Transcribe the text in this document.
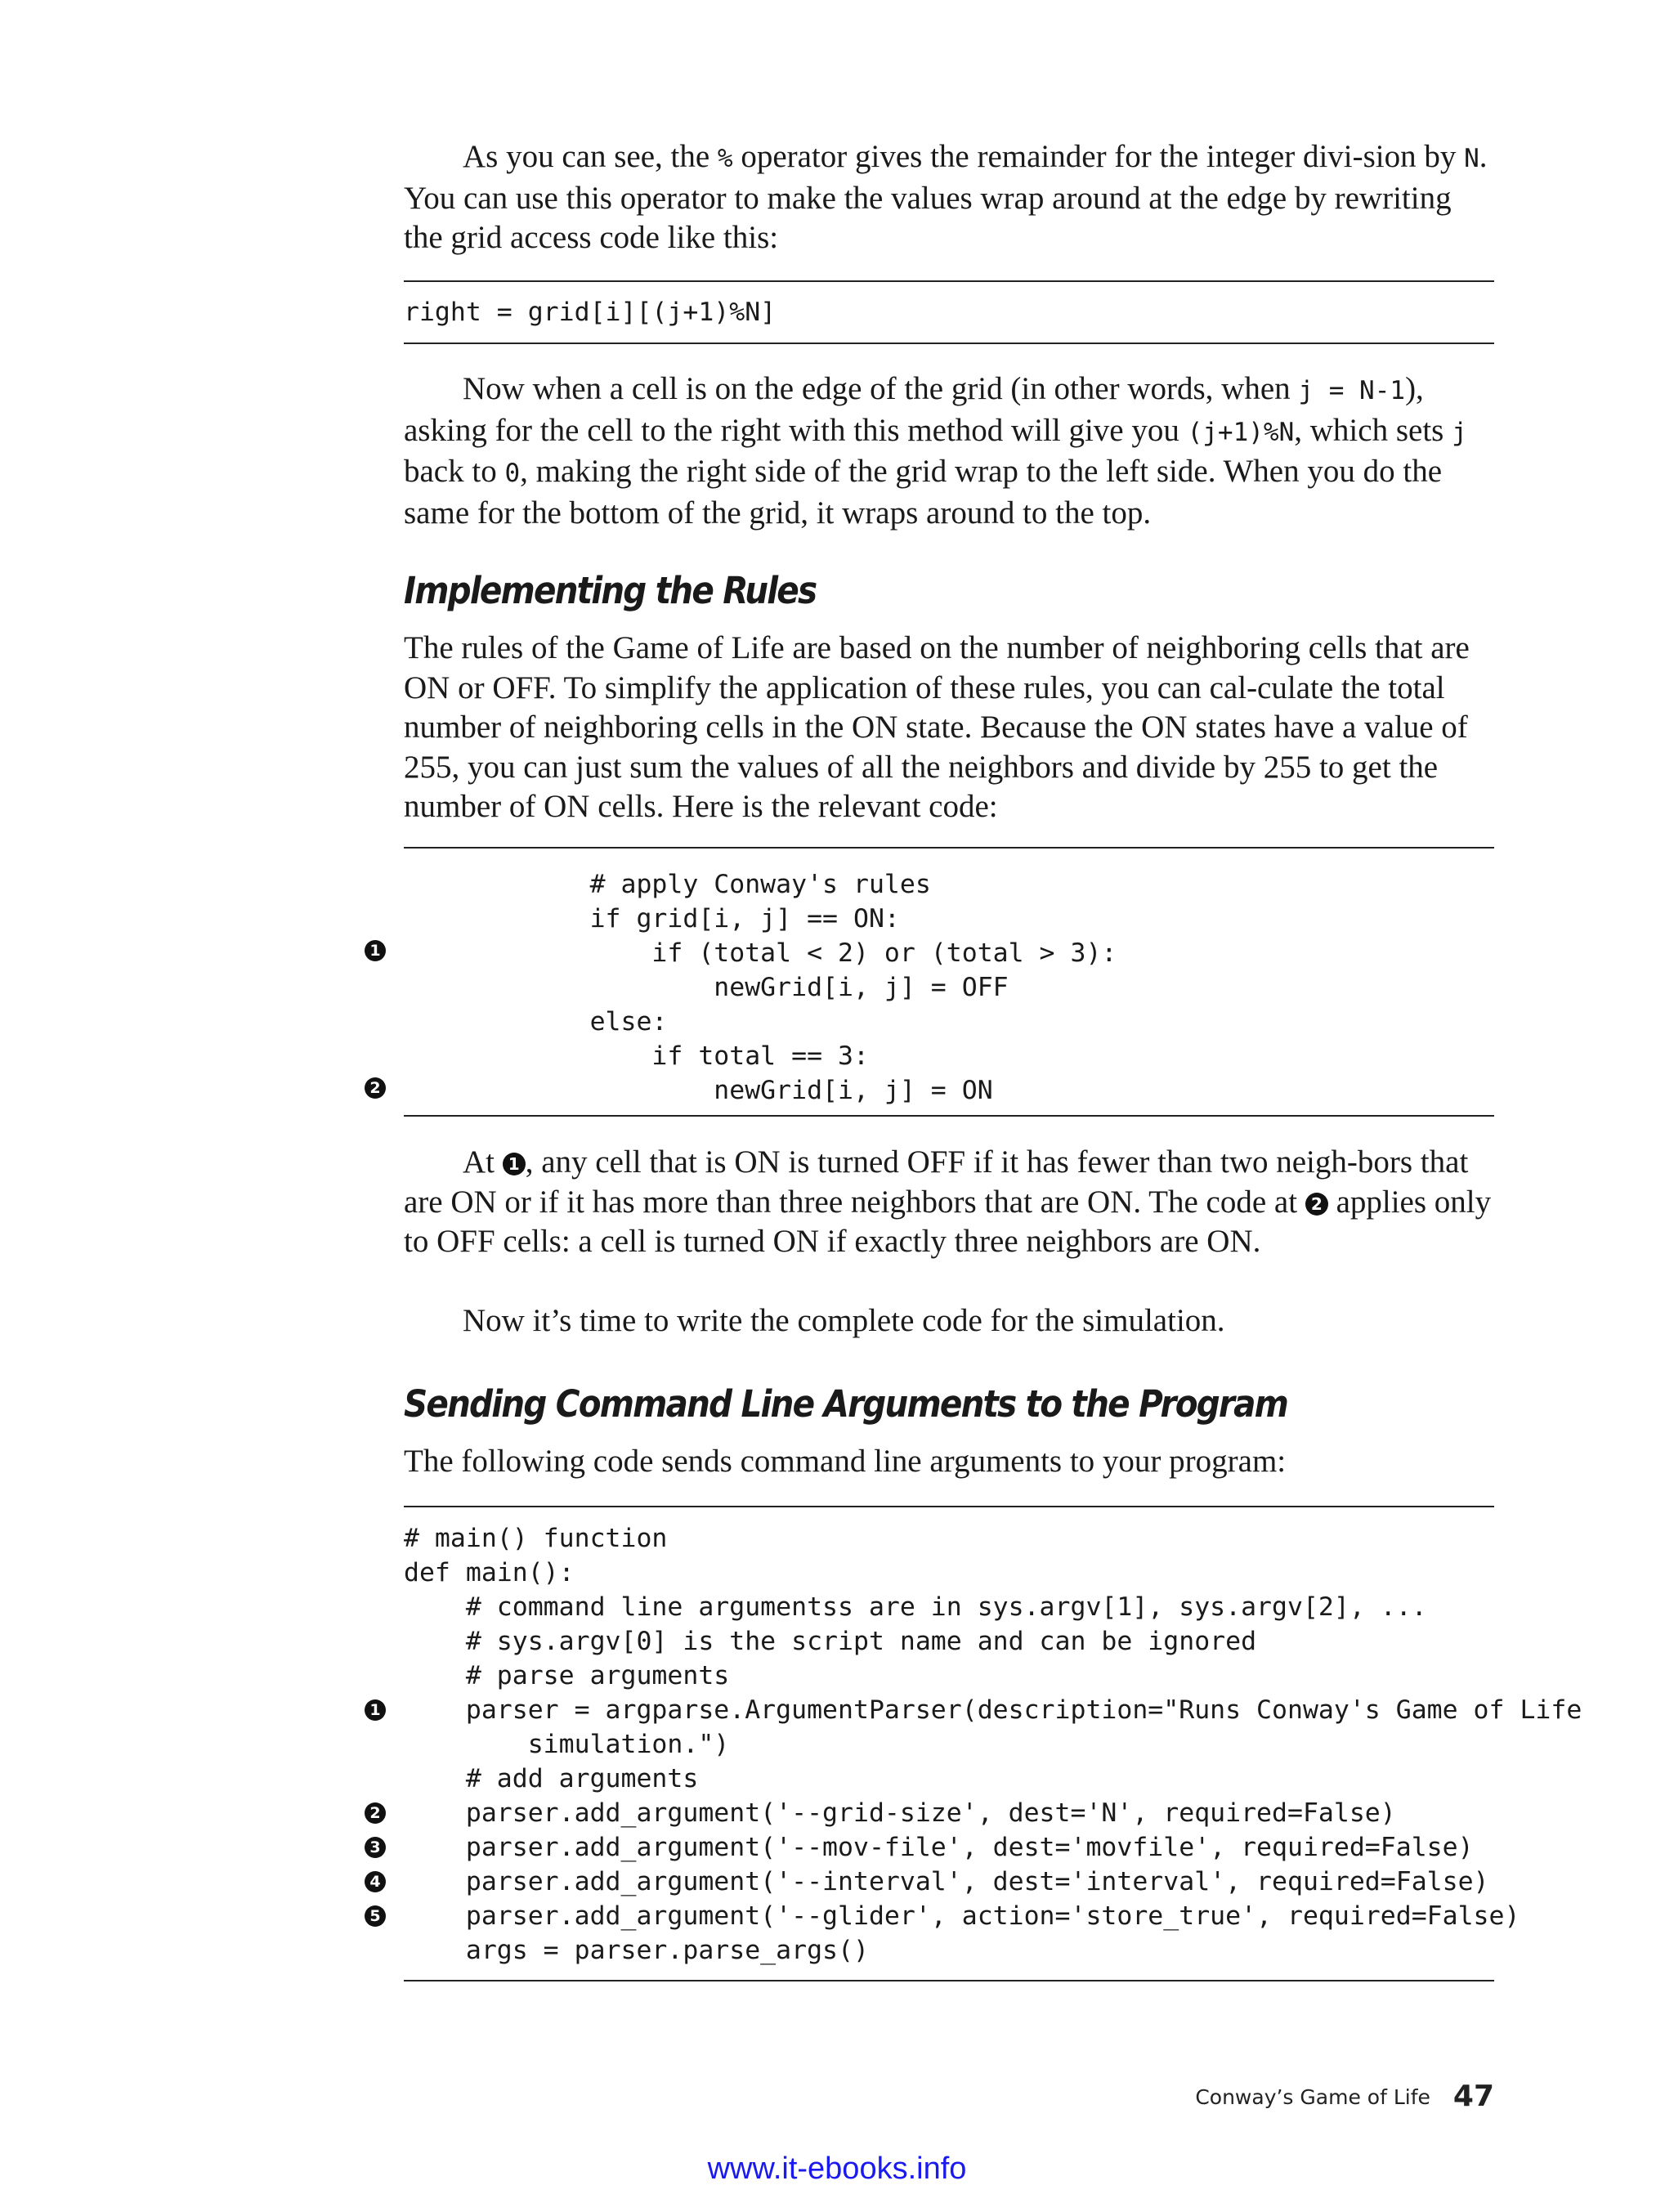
As you can see, the % operator gives the remainder for the integer divi-sion by N. You can use this operator to make the values wrap around at the edge by rewriting the grid access code like this:

right = grid[i][(j+1)%N]

Now when a cell is on the edge of the grid (in other words, when j = N-1), asking for the cell to the right with this method will give you (j+1)%N, which sets j back to 0, making the right side of the grid wrap to the left side. When you do the same for the bottom of the grid, it wraps around to the top.

Implementing the Rules

The rules of the Game of Life are based on the number of neighboring cells that are ON or OFF. To simplify the application of these rules, you can cal-culate the total number of neighboring cells in the ON state. Because the ON states have a value of 255, you can just sum the values of all the neighbors and divide by 255 to get the number of ON cells. Here is the relevant code:

# apply Conway's rules
if grid[i, j] == ON:
if (total < 2) or (total > 3):
newGrid[i, j] = OFF
else:
if total == 3:
newGrid[i, j] = ON
1
2

At 1 , any cell that is ON is turned OFF if it has fewer than two neigh-bors that are ON or if it has more than three neighbors that are ON. The code at 2 applies only to OFF cells: a cell is turned ON if exactly three neighbors are ON.

Now it’s time to write the complete code for the simulation.

Sending Command Line Arguments to the Program

The following code sends command line arguments to your program:

# main() function
def main():
# command line argumentss are in sys.argv[1], sys.argv[2], ...
# sys.argv[0] is the script name and can be ignored
# parse arguments
parser = argparse.ArgumentParser(description="Runs Conway's Game of Life
simulation.")
# add arguments
parser.add_argument('--grid-size', dest='N', required=False)
parser.add_argument('--mov-file', dest='movfile', required=False)
parser.add_argument('--interval', dest='interval', required=False)
parser.add_argument('--glider', action='store_true', required=False)
args = parser.parse_args()
1
2
3
4
5
Conway’s Game of Life 47
www.it-ebooks.info
